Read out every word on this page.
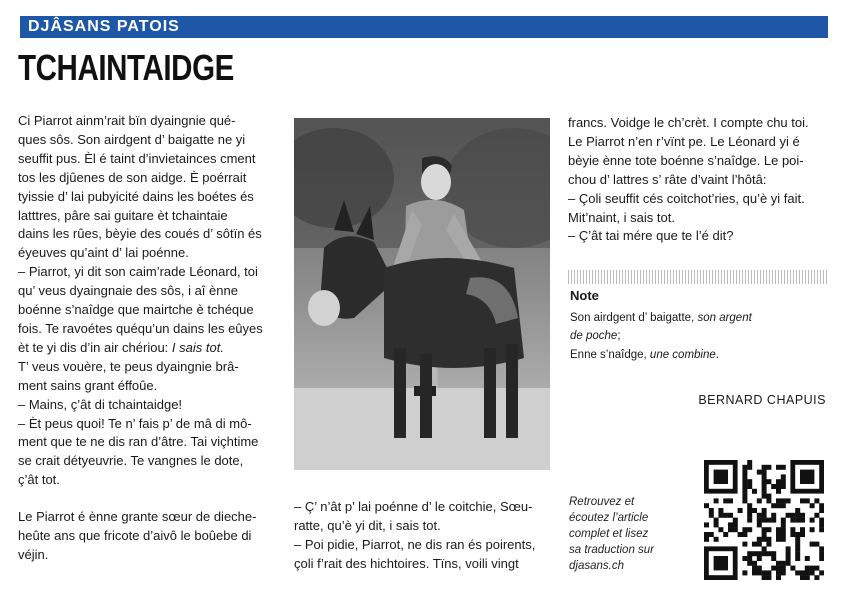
DJÂSANS PATOIS
TCHAINTAIDGE

Ci Piarrot ainm’rait bïn dyaingnie qué-

ques sôs. Son airdgent d’ baigatte ne yi

seuffit pus. Èl é taint d’invietainces cment

tos les djûenes de son aidge. È poérrait

tyissie d’ lai pubyicité dains les boétes és

latttres, pâre sai guitare èt tchaintaie

dains les rûes, bèyie des coués d’ sôtïn és

éyeuves qu’aint d’ lai poénne.

– Piarrot, yi dit son caim’rade Léonard, toi

qu’ veus dyaingnaie des sôs, i aî ènne

boénne s’naîdge que mairtche è tchéque

fois. Te ravoétes quéqu’un dains les eûyes

èt te yi dis d’in air chériou: I sais tot.

T’ veus vouère, te peus dyaingnie brâ-

ment sains grant éffoûe.

– Mains, ç’ât di tchaintaidge!

– Èt peus quoi! Te n’ fais p’ de mâ di mô-

ment que te ne dis ran d’âtre. Tai viçhtime

se crait détyeuvrie. Te vangnes le dote,

ç’ât tot.

Le Piarrot é ènne grante sœur de dieche-

heûte ans que fricote d’aivô le boûebe di

véjin.

– Ç’ n’ât p’ lai poénne d’ le coitchie, Sœu-

ratte, qu’è yi dit, i sais tot.

– Poi pidie, Piarrot, ne dis ran és poirents,

çoli f’rait des hichtoires. Tïns, voili vingt

francs. Voidge le ch’crèt. I compte chu toi.

Le Piarrot n’en r’vïnt pe. Le Léonard yi é

bèyie ènne tote boénne s’naîdge. Le poi-

chou d’ lattres s’ râte d’vaint l’hôtâ:

– Çoli seuffit cés coitchot’ries, qu’è yi fait.

Mit’naint, i sais tot.

– Ç’ât tai mére que te l’é dit?

Note
Son airdgent d’ baigatte, son argent
de poche;
Enne s’naîdge, une combine.
BERNARD CHAPUIS
Retrouvez et
écoutez l’article
complet et lisez
sa traduction sur
djasans.ch
